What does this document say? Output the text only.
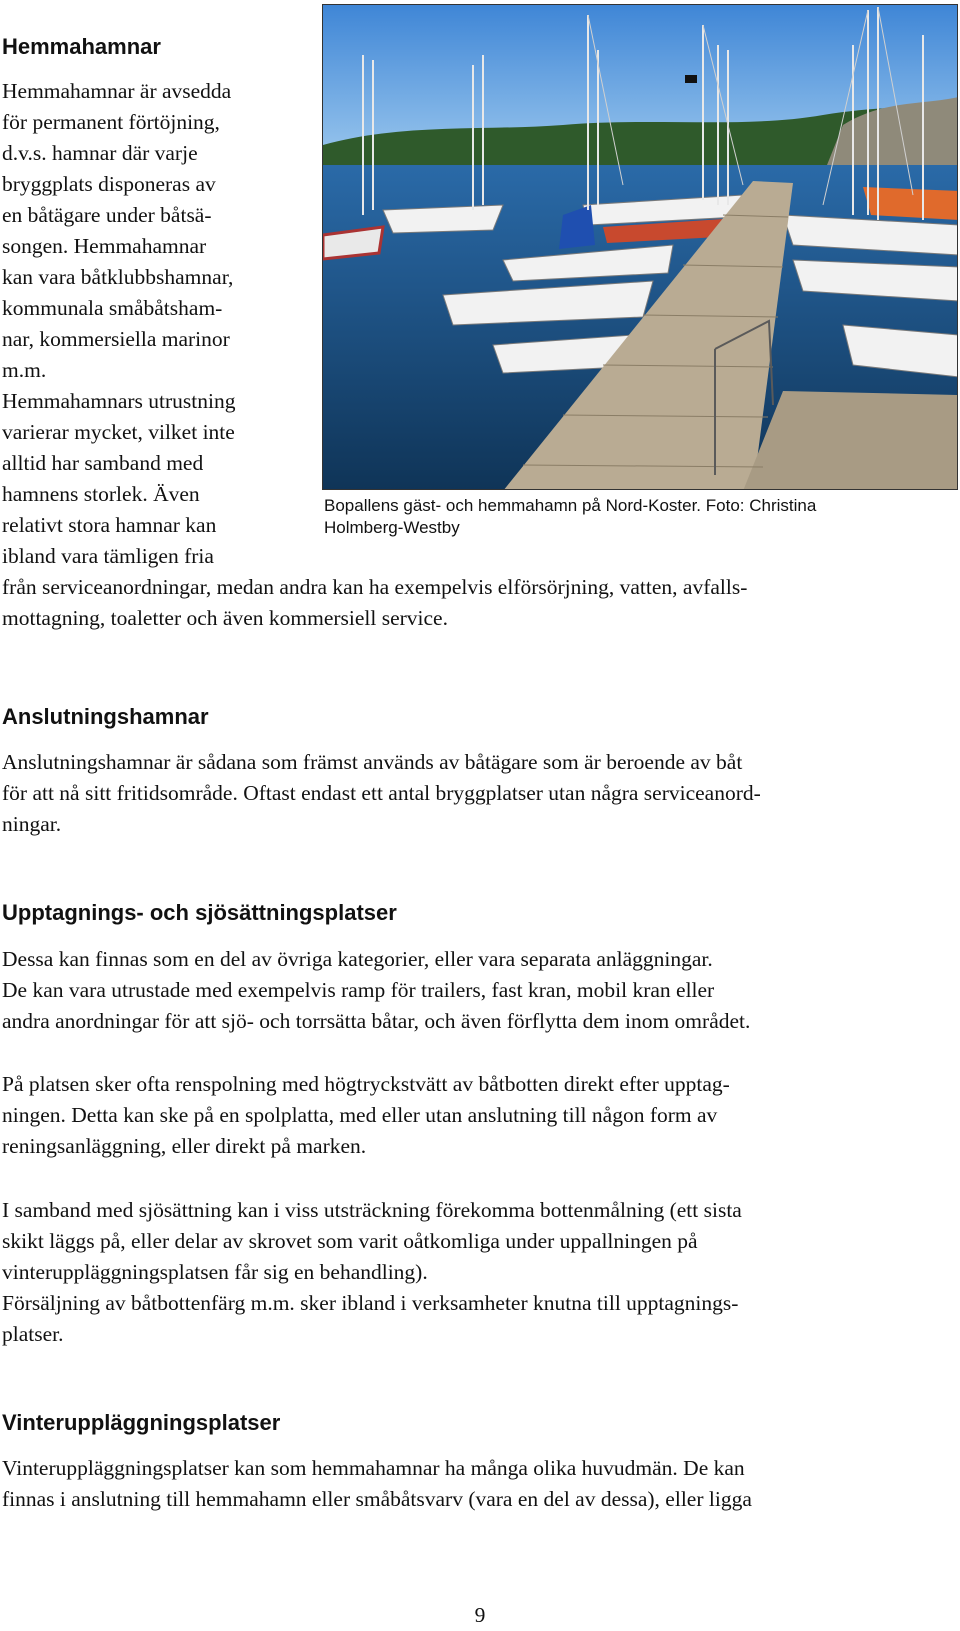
Hemmahamnar
Hemmahamnar är avsedda
för permanent förtöjning,
d.v.s. hamnar där varje
bryggplats disponeras av
en båtägare under båtsä-
songen. Hemmahamnar
kan vara båtklubbshamnar,
kommunala småbåtsham-
nar, kommersiella marinor
m.m.
Hemmahamnars utrustning
varierar mycket, vilket inte
alltid har samband med
hamnens storlek. Även
relativt stora hamnar kan
ibland vara tämligen fria
från serviceanordningar, medan andra kan ha exempelvis elförsörjning, vatten, avfalls-
mottagning, toaletter och även kommersiell service.
Bopallens gäst- och hemmahamn på Nord-Koster. Foto: Christina
Holmberg-Westby
Anslutningshamnar
Anslutningshamnar är sådana som främst används av båtägare som är beroende av båt
för att nå sitt fritidsområde. Oftast endast ett antal bryggplatser utan några serviceanord-
ningar.
Upptagnings- och sjösättningsplatser
Dessa kan finnas som en del av övriga kategorier, eller vara separata anläggningar.
De kan vara utrustade med exempelvis ramp för trailers, fast kran, mobil kran eller
andra anordningar för att sjö- och torrsätta båtar, och även förflytta dem inom området.
På platsen sker ofta renspolning med högtryckstvätt av båtbotten direkt efter upptag-
ningen. Detta kan ske på en spolplatta, med eller utan anslutning till någon form av
reningsanläggning, eller direkt på marken.
I samband med sjösättning kan i viss utsträckning förekomma bottenmålning (ett sista
skikt läggs på, eller delar av skrovet som varit oåtkomliga under uppallningen på
vinteruppläggningsplatsen får sig en behandling).
Försäljning av båtbottenfärg m.m. sker ibland i verksamheter knutna till upptagnings-
platser.
Vinteruppläggningsplatser
Vinteruppläggningsplatser kan som hemmahamnar ha många olika huvudmän. De kan
finnas i anslutning till hemmahamn eller småbåtsvarv (vara en del av dessa), eller ligga
9
